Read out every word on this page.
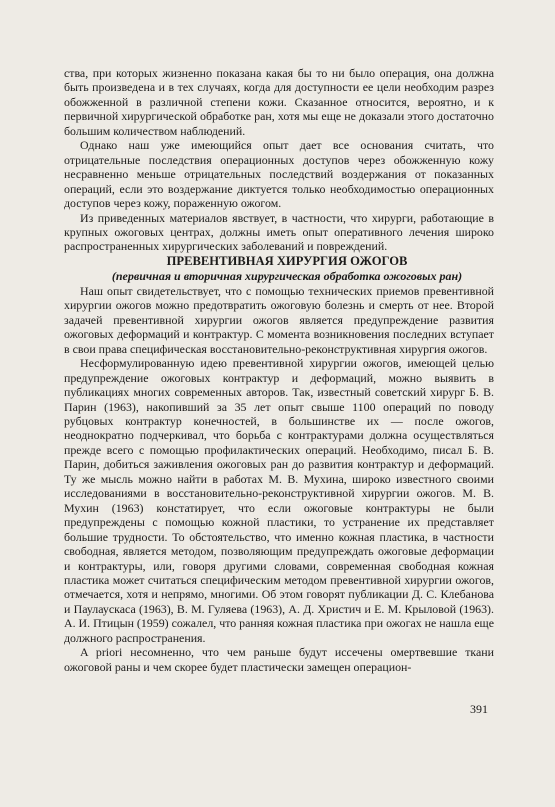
ства, при которых жизненно показана какая бы то ни было операция, она должна быть произведена и в тех случаях, когда для доступности ее цели необходим разрез обожженной в различной степени кожи. Сказанное относится, вероятно, и к первичной хирургической обработке ран, хотя мы еще не доказали этого достаточно большим количеством наблюдений.

Однако наш уже имеющийся опыт дает все основания считать, что отрицательные последствия операционных доступов через обожженную кожу несравненно меньше отрицательных последствий воздержания от показанных операций, если это воздержание диктуется только необходимостью операционных доступов через кожу, пораженную ожогом.

Из приведенных материалов явствует, в частности, что хирурги, работающие в крупных ожоговых центрах, должны иметь опыт оперативного лечения широко распространенных хирургических заболеваний и повреждений.

ПРЕВЕНТИВНАЯ ХИРУРГИЯ ОЖОГОВ

(первичная и вторичная хирургическая обработка ожоговых ран)

Наш опыт свидетельствует, что с помощью технических приемов превентивной хирургии ожогов можно предотвратить ожоговую болезнь и смерть от нее. Второй задачей превентивной хирургии ожогов является предупреждение развития ожоговых деформаций и контрактур. С момента возникновения последних вступает в свои права специфическая восстановительно-реконструктивная хирургия ожогов.

Несформулированную идею превентивной хирургии ожогов, имеющей целью предупреждение ожоговых контрактур и деформаций, можно выявить в публикациях многих современных авторов. Так, известный советский хирург Б. В. Парин (1963), накопивший за 35 лет опыт свыше 1100 операций по поводу рубцовых контрактур конечностей, в большинстве их — после ожогов, неоднократно подчеркивал, что борьба с контрактурами должна осуществляться прежде всего с помощью профилактических операций. Необходимо, писал Б. В. Парин, добиться заживления ожоговых ран до развития контрактур и деформаций. Ту же мысль можно найти в работах М. В. Мухина, широко известного своими исследованиями в восстановительно-реконструктивной хирургии ожогов. М. В. Мухин (1963) констатирует, что если ожоговые контрактуры не были предупреждены с помощью кожной пластики, то устранение их представляет большие трудности. То обстоятельство, что именно кожная пластика, в частности свободная, является методом, позволяющим предупреждать ожоговые деформации и контрактуры, или, говоря другими словами, современная свободная кожная пластика может считаться специфическим методом превентивной хирургии ожогов, отмечается, хотя и непрямо, многими. Об этом говорят публикации Д. С. Клебанова и Паулаускаса (1963), В. М. Гуляева (1963), А. Д. Христич и Е. М. Крыловой (1963). А. И. Птицын (1959) сожалел, что ранняя кожная пластика при ожогах не нашла еще должного распространения.

A priori несомненно, что чем раньше будут иссечены омертвевшие ткани ожоговой раны и чем скорее будет пластически замещен операцион-

391
